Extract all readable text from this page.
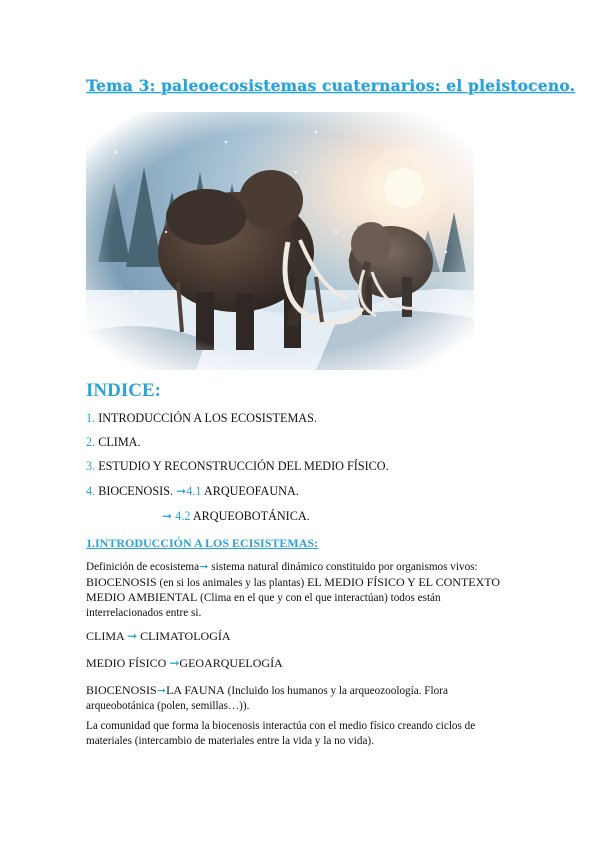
Tema 3: paleoecosistemas cuaternarios: el pleistoceno.
INDICE:
1. INTRODUCCIÓN A LOS ECOSISTEMAS.
2. CLIMA.
3. ESTUDIO Y RECONSTRUCCIÓN DEL MEDIO FÍSICO.
4. BIOCENOSIS. ➞4.1 ARQUEOFAUNA.
➞ 4.2 ARQUEOBOTÁNICA.
1.INTRODUCCIÓN A LOS ECISISTEMAS:

Definición de ecosistema➞ sistema natural dinámico constituido por organismos vivos: BIOCENOSIS (en si los animales y las plantas) EL MEDIO FÍSICO Y EL CONTEXTO MEDIO AMBIENTAL (Clima en el que y con el que interactúan) todos están interrelacionados entre si.

CLIMA ➞ CLIMATOLOGÍA

MEDIO FÍSICO ➞GEOARQUELOGÍA

BIOCENOSIS➞LA FAUNA (Incluido los humanos y la arqueozoología. Flora arqueobotánica (polen, semillas…)).

La comunidad que forma la biocenosis interactúa con el medio físico creando ciclos de materiales (intercambio de materiales entre la vida y la no vida).
